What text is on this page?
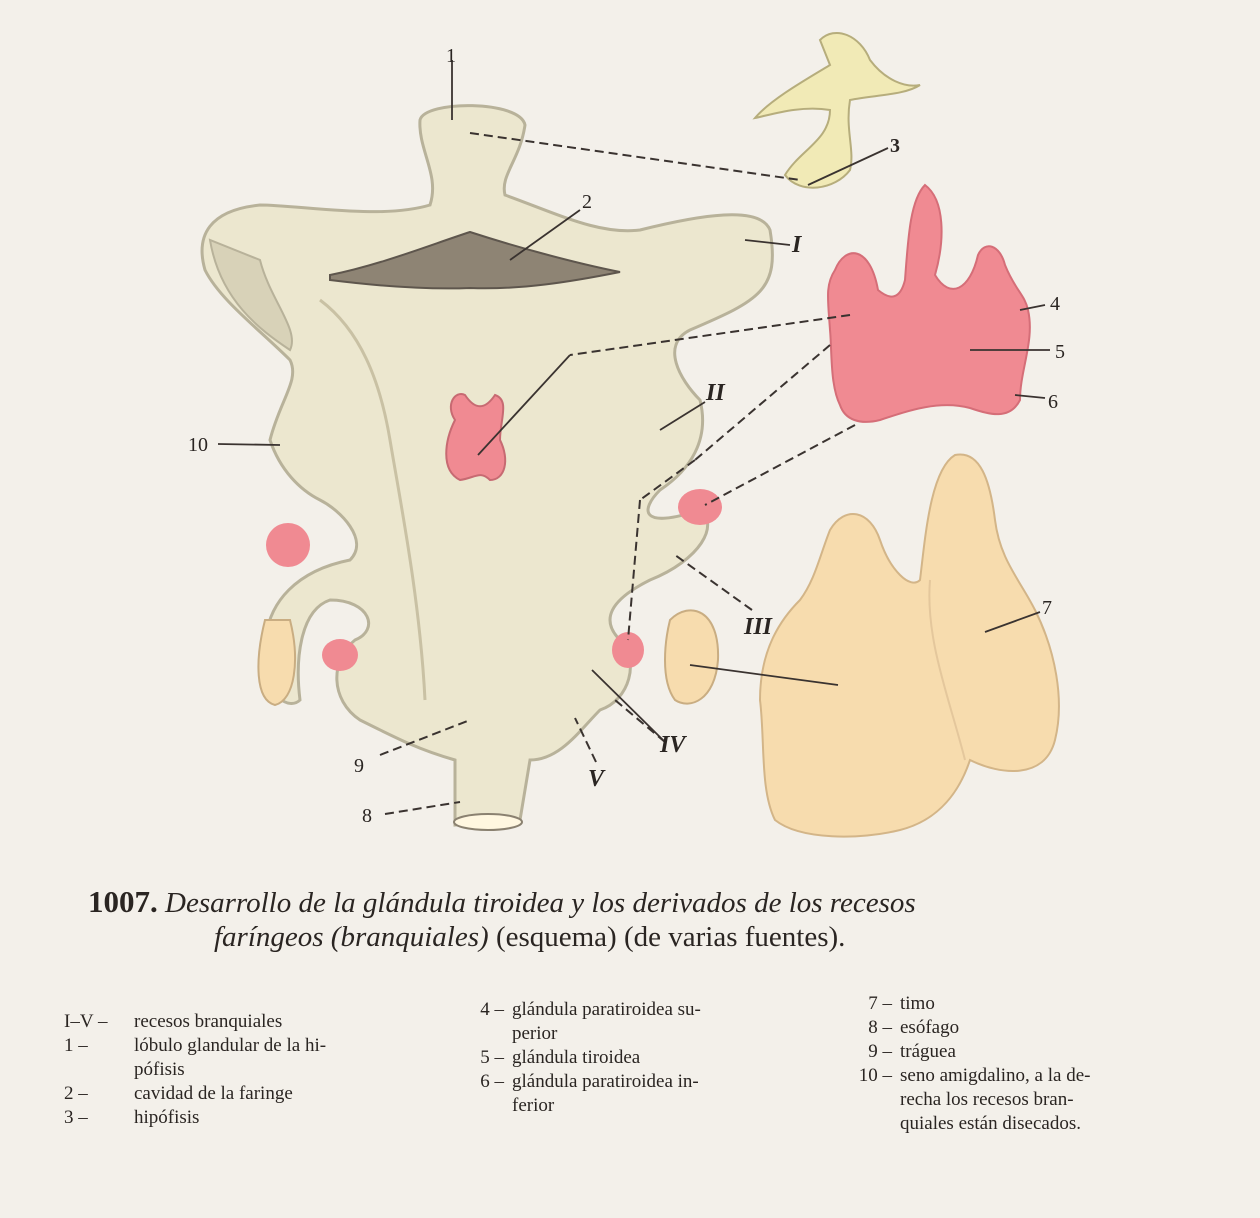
1
2
3
4
5
6
7
8
9
10
I
II
III
IV
V
1007. Desarrollo de la glándula tiroidea y los derivados de los recesos
faríngeos (branquiales) (esquema) (de varias fuentes).
I–V –	recesos branquiales
1 –	lóbulo glandular de la hi-
pófisis
2 –	cavidad de la faringe
3 –	hipófisis
4 – glándula paratiroidea su-
perior
5 – glándula tiroidea
6 – glándula paratiroidea in-
ferior
7 – timo
8 – esófago
9 – tráguea
10 – seno amigdalino, a la de-
recha los recesos bran-
quiales están disecados.
